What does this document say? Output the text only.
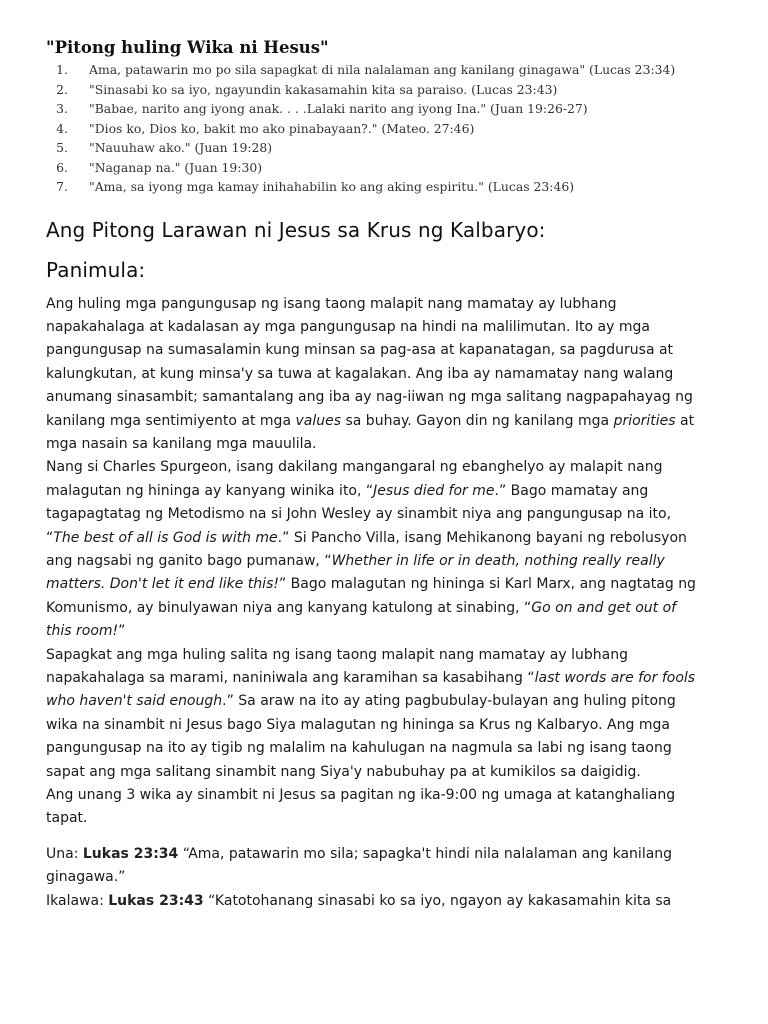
"Pitong huling Wika ni Hesus"
1. Ama, patawarin mo po sila sapagkat di nila nalalaman ang kanilang ginagawa" (Lucas 23:34)
2. "Sinasabi ko sa iyo, ngayundin kakasamahin kita sa paraiso. (Lucas 23:43)
3. "Babae, narito ang iyong anak. . . .Lalaki narito ang iyong Ina." (Juan 19:26-27)
4. "Dios ko, Dios ko, bakit mo ako pinabayaan?." (Mateo. 27:46)
5. "Nauuhaw ako." (Juan 19:28)
6. "Naganap na." (Juan 19:30)
7. "Ama, sa iyong mga kamay inihahabilin ko ang aking espiritu." (Lucas 23:46)
Ang Pitong Larawan ni Jesus sa Krus ng Kalbaryo:
Panimula:

Ang huling mga pangungusap ng isang taong malapit nang mamatay ay lubhang napakahalaga at kadalasan ay mga pangungusap na hindi na malilimutan. Ito ay mga pangungusap na sumasalamin kung minsan sa pag-asa at kapanatagan, sa pagdurusa at kalungkutan, at kung minsa'y sa tuwa at kagalakan. Ang iba ay namamatay nang walang anumang sinasambit; samantalang ang iba ay nag-iiwan ng mga salitang nagpapahayag ng kanilang mga sentimiyento at mga values sa buhay. Gayon din ng kanilang mga priorities at mga nasain sa kanilang mga mauulila.

Nang si Charles Spurgeon, isang dakilang mangangaral ng ebanghelyo ay malapit nang malagutan ng hininga ay kanyang winika ito, “Jesus died for me.” Bago mamatay ang tagapagtatag ng Metodismo na si John Wesley ay sinambit niya ang pangungusap na ito, “The best of all is God is with me.” Si Pancho Villa, isang Mehikanong bayani ng rebolusyon ang nagsabi ng ganito bago pumanaw, “Whether in life or in death, nothing really really matters. Don't let it end like this!” Bago malagutan ng hininga si Karl Marx, ang nagtatag ng Komunismo, ay binulyawan niya ang kanyang katulong at sinabing, “Go on and get out of this room!”

Sapagkat ang mga huling salita ng isang taong malapit nang mamatay ay lubhang napakahalaga sa marami, naniniwala ang karamihan sa kasabihang “last words are for fools who haven't said enough.” Sa araw na ito ay ating pagbubulay-bulayan ang huling pitong wika na sinambit ni Jesus bago Siya malagutan ng hininga sa Krus ng Kalbaryo. Ang mga pangungusap na ito ay tigib ng malalim na kahulugan na nagmula sa labi ng isang taong sapat ang mga salitang sinambit nang Siya'y nabubuhay pa at kumikilos sa daigidig.

Ang unang 3 wika ay sinambit ni Jesus sa pagitan ng ika-9:00 ng umaga at katanghaliang tapat.

Una: Lukas 23:34 “Ama, patawarin mo sila; sapagka't hindi nila nalalaman ang kanilang ginagawa.”

Ikalawa: Lukas 23:43 “Katotohanang sinasabi ko sa iyo, ngayon ay kakasamahin kita sa
